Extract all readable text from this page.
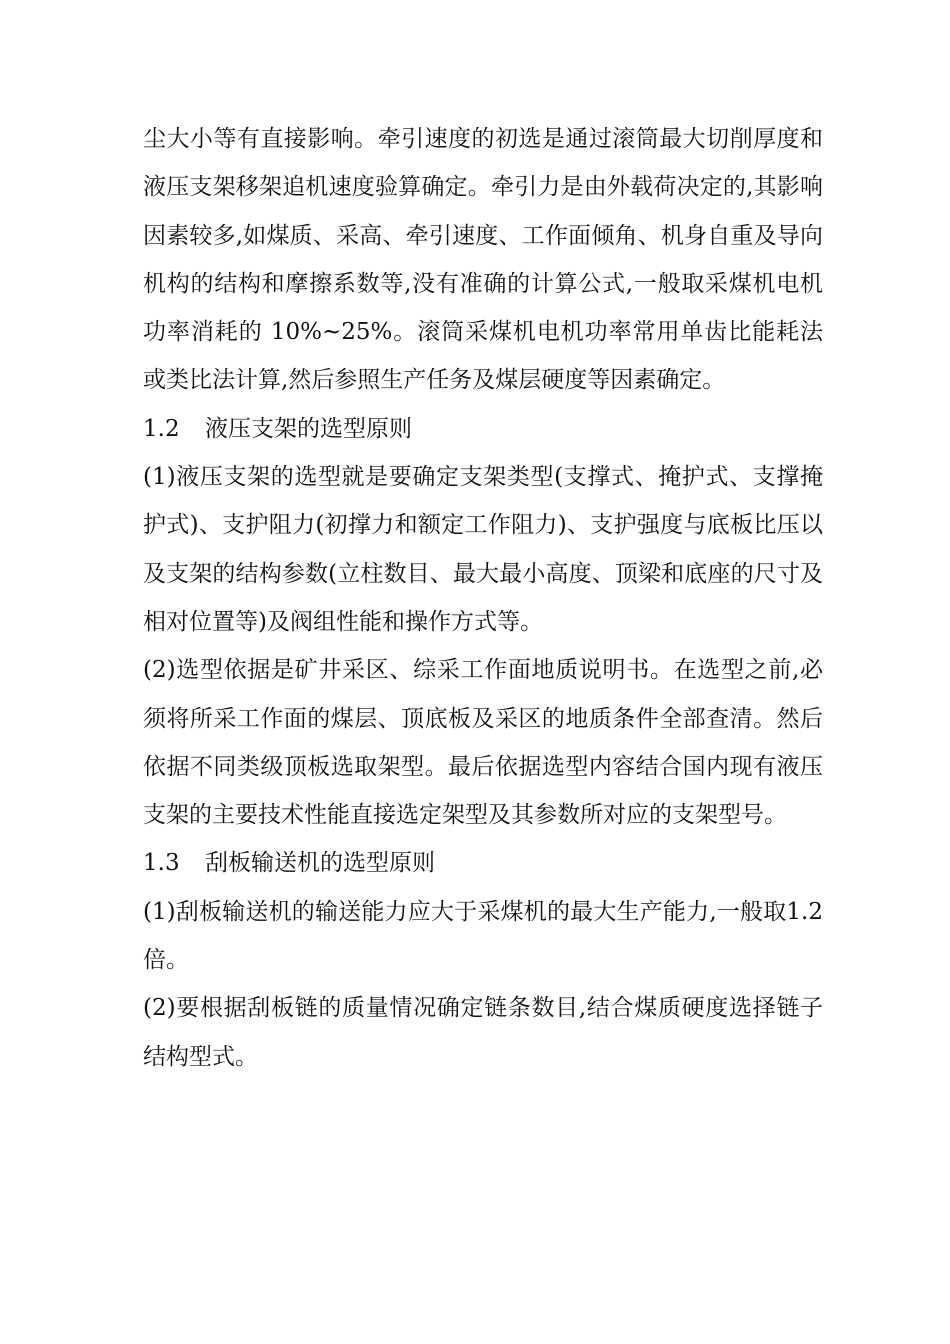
尘大小等有直接影响。牵引速度的初选是通过滚筒最大切削厚度和液压支架移架追机速度验算确定。牵引力是由外载荷决定的,其影响因素较多,如煤质、采高、牵引速度、工作面倾角、机身自重及导向机构的结构和摩擦系数等,没有准确的计算公式,一般取采煤机电机功率消耗的 10%~25%。滚筒采煤机电机功率常用单齿比能耗法或类比法计算,然后参照生产任务及煤层硬度等因素确定。

1.2 液压支架的选型原则

(1)液压支架的选型就是要确定支架类型(支撑式、掩护式、支撑掩护式)、支护阻力(初撑力和额定工作阻力)、支护强度与底板比压以及支架的结构参数(立柱数目、最大最小高度、顶梁和底座的尺寸及相对位置等)及阀组性能和操作方式等。

(2)选型依据是矿井采区、综采工作面地质说明书。在选型之前,必须将所采工作面的煤层、顶底板及采区的地质条件全部查清。然后依据不同类级顶板选取架型。最后依据选型内容结合国内现有液压支架的主要技术性能直接选定架型及其参数所对应的支架型号。

1.3 刮板输送机的选型原则

(1)刮板输送机的输送能力应大于采煤机的最大生产能力,一般取1.2 倍。

(2)要根据刮板链的质量情况确定链条数目,结合煤质硬度选择链子结构型式。
